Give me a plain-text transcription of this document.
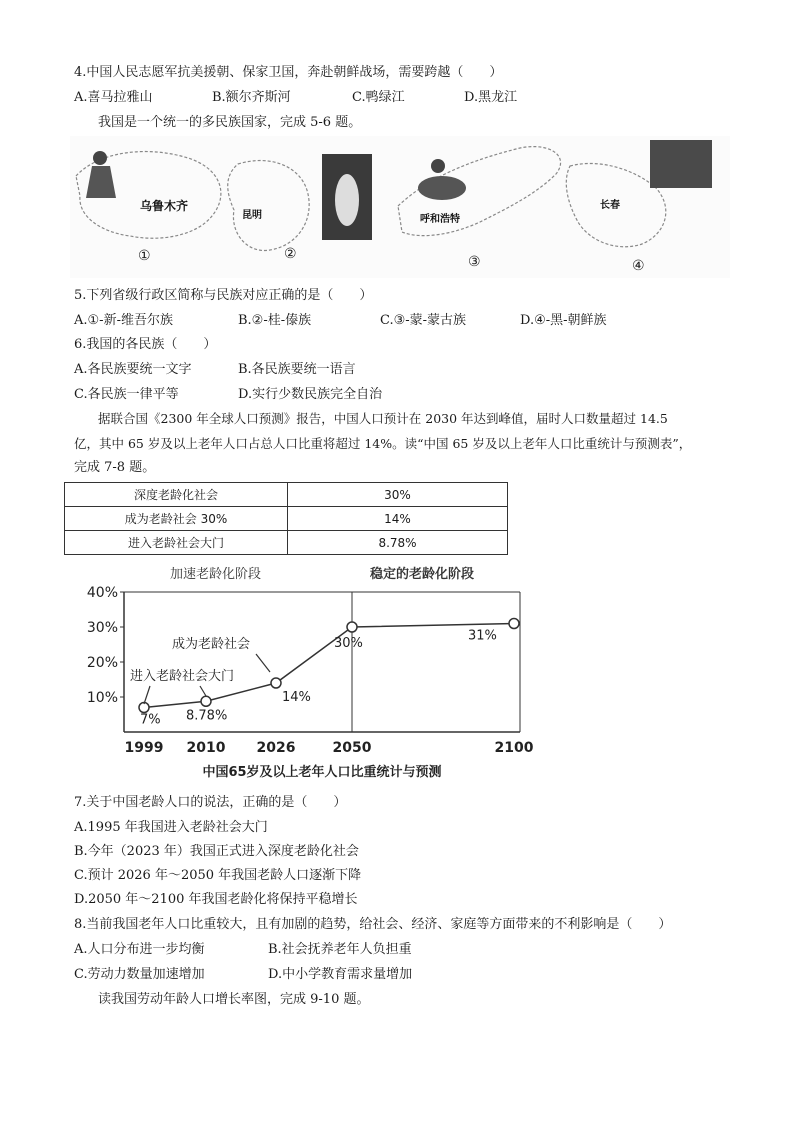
4.中国人民志愿军抗美援朝、保家卫国，奔赴朝鲜战场，需要跨越（　　）
A.喜马拉雅山	B.额尔齐斯河	C.鸭绿江	D.黑龙江
我国是一个统一的多民族国家，完成 5-6 题。
乌鲁木齐
昆明	呼和浩特
长春
①	②	③	④
5.下列省级行政区简称与民族对应正确的是（　　）
A.①-新-维吾尔族	B.②-桂-傣族	C.③-蒙-蒙古族	D.④-黑-朝鲜族
6.我国的各民族（　　）
A.各民族要统一文字	B.各民族要统一语言
C.各民族一律平等	D.实行少数民族完全自治
据联合国《2300 年全球人口预测》报告，中国人口预计在 2030 年达到峰值，届时人口数量超过 14.5
亿，其中 65 岁及以上老年人口占总人口比重将超过 14%。读“中国 65 岁及以上老年人口比重统计与预测表”，
完成 7-8 题。
深度老龄化社会	30%
成为老龄社会 30%	14%
进入老龄社会大门	8.78%
加速老龄化阶段	稳定的老龄化阶段
10%
20%
30%
40%
1999 2010 2026	2050	2100
7% 8.78%
14%
30%	31%
成为老龄社会
进入老龄社会大门
中国65岁及以上老年人口比重统计与预测
7.关于中国老龄人口的说法，正确的是（　　）
A.1995 年我国进入老龄社会大门
B.今年（2023 年）我国正式进入深度老龄化社会
C.预计 2026 年～2050 年我国老龄人口逐渐下降
D.2050 年～2100 年我国老龄化将保持平稳增长
8.当前我国老年人口比重较大，且有加剧的趋势，给社会、经济、家庭等方面带来的不利影响是（　　）
A.人口分布进一步均衡	B.社会抚养老年人负担重
C.劳动力数量加速增加	D.中小学教育需求量增加
读我国劳动年龄人口增长率图，完成 9-10 题。
